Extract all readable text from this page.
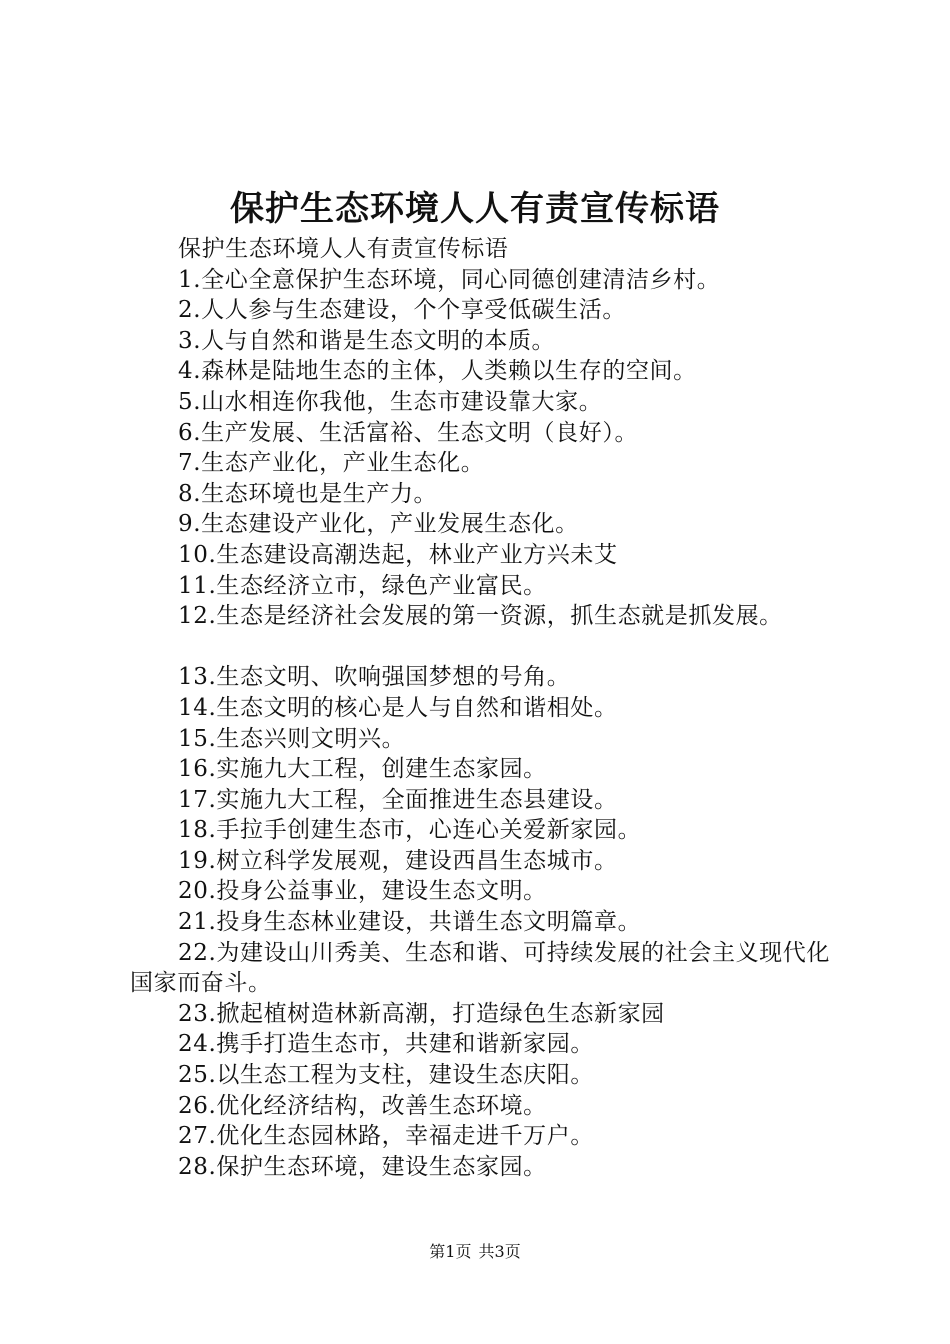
保护生态环境人人有责宣传标语
保护生态环境人人有责宣传标语
1.全心全意保护生态环境，同心同德创建清洁乡村。
2.人人参与生态建设，个个享受低碳生活。
3.人与自然和谐是生态文明的本质。
4.森林是陆地生态的主体，人类赖以生存的空间。
5.山水相连你我他，生态市建设靠大家。
6.生产发展、生活富裕、生态文明（良好）。
7.生态产业化，产业生态化。
8.生态环境也是生产力。
9.生态建设产业化，产业发展生态化。
10.生态建设高潮迭起，林业产业方兴未艾
11.生态经济立市，绿色产业富民。
12.生态是经济社会发展的第一资源，抓生态就是抓发展。
13.生态文明、吹响强国梦想的号角。
14.生态文明的核心是人与自然和谐相处。
15.生态兴则文明兴。
16.实施九大工程，创建生态家园。
17.实施九大工程，全面推进生态县建设。
18.手拉手创建生态市，心连心关爱新家园。
19.树立科学发展观，建设西昌生态城市。
20.投身公益事业，建设生态文明。
21.投身生态林业建设，共谱生态文明篇章。
22.为建设山川秀美、生态和谐、可持续发展的社会主义现代化国家而奋斗。
23.掀起植树造林新高潮，打造绿色生态新家园
24.携手打造生态市，共建和谐新家园。
25.以生态工程为支柱，建设生态庆阳。
26.优化经济结构，改善生态环境。
27.优化生态园林路，幸福走进千万户。
28.保护生态环境，建设生态家园。
第1页 共3页
